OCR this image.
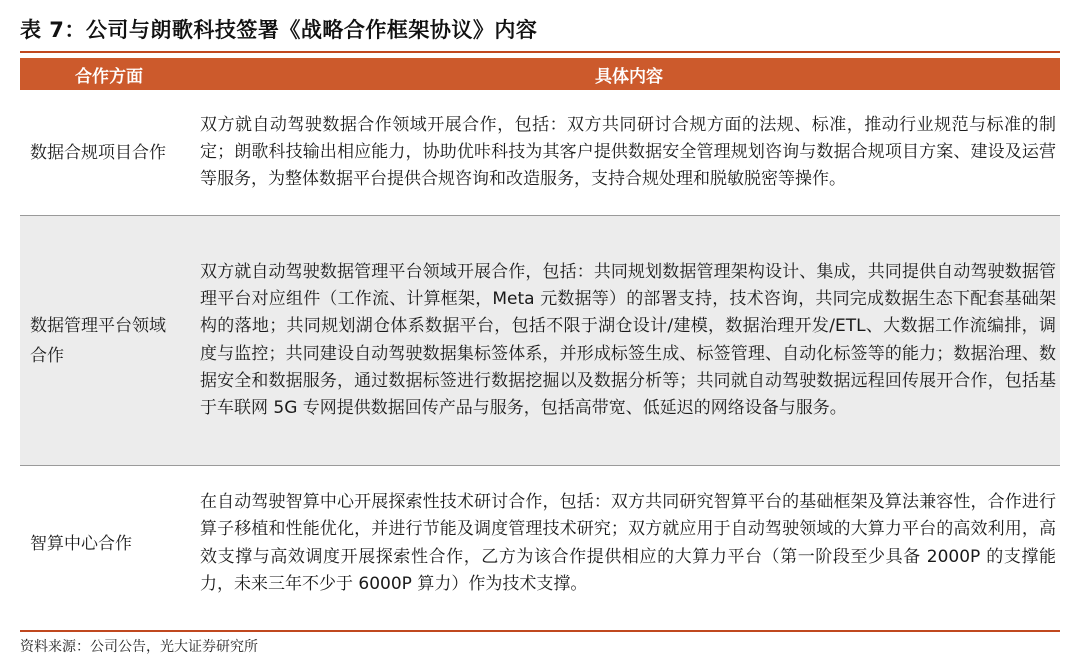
表 7：公司与朗歌科技签署《战略合作框架协议》内容
合作方面	具体内容

数据合规项目合作	双方就自动驾驶数据合作领域开展合作，包括：双方共同研讨合规方面的法规、标准，推动行业规范与标准的制定；朗歌科技输出相应能力，协助优咔科技为其客户提供数据安全管理规划咨询与数据合规项目方案、建设及运营等服务，为整体数据平台提供合规咨询和改造服务，支持合规处理和脱敏脱密等操作。

数据管理平台领域合作	双方就自动驾驶数据管理平台领域开展合作，包括：共同规划数据管理架构设计、集成，共同提供自动驾驶数据管理平台对应组件（工作流、计算框架，Meta 元数据等）的部署支持，技术咨询，共同完成数据生态下配套基础架构的落地；共同规划湖仓体系数据平台，包括不限于湖仓设计/建模，数据治理开发/ETL、大数据工作流编排，调度与监控；共同建设自动驾驶数据集标签体系，并形成标签生成、标签管理、自动化标签等的能力；数据治理、数据安全和数据服务，通过数据标签进行数据挖掘以及数据分析等；共同就自动驾驶数据远程回传展开合作，包括基于车联网 5G 专网提供数据回传产品与服务，包括高带宽、低延迟的网络设备与服务。

智算中心合作	在自动驾驶智算中心开展探索性技术研讨合作，包括：双方共同研究智算平台的基础框架及算法兼容性，合作进行算子移植和性能优化，并进行节能及调度管理技术研究；双方就应用于自动驾驶领域的大算力平台的高效利用，高效支撑与高效调度开展探索性合作，乙方为该合作提供相应的大算力平台（第一阶段至少具备 2000P 的支撑能力，未来三年不少于 6000P 算力）作为技术支撑。
资料来源：公司公告，光大证券研究所
